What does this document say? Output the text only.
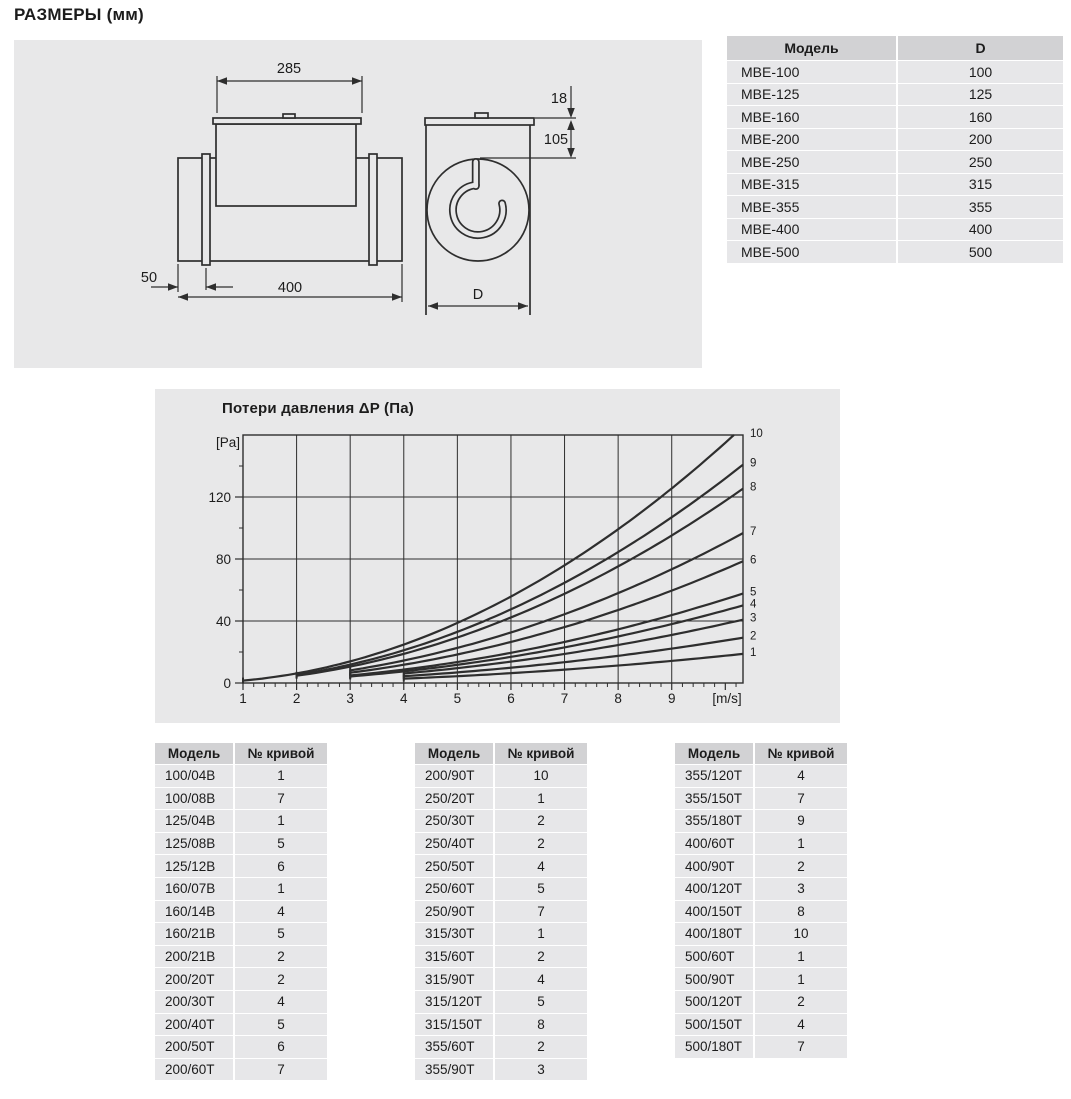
РАЗМЕРЫ (мм)
285
50
400
18
105
D
Модель	D
МВЕ-100	100
МВЕ-125	125
МВЕ-160	160
МВЕ-200	200
МВЕ-250	250
МВЕ-315	315
МВЕ-355	355
МВЕ-400	400
МВЕ-500	500
Потери давления ΔP (Па)
1	2	3	4	5	6	7	8	9	[m/s]
0
40
80
120
[Pa]
1
2
3
4
5
6
7
8
9
10
Модель	№ кривой
100/04В	1
100/08В	7
125/04В	1
125/08В	5
125/12В	6
160/07В	1
160/14В	4
160/21В	5
200/21В	2
200/20Т	2
200/30Т	4
200/40Т	5
200/50Т	6
200/60Т	7
Модель	№ кривой
200/90Т	10
250/20Т	1
250/30Т	2
250/40Т	2
250/50Т	4
250/60Т	5
250/90Т	7
315/30Т	1
315/60Т	2
315/90Т	4
315/120Т	5
315/150Т	8
355/60Т	2
355/90Т	3
Модель	№ кривой
355/120Т	4
355/150Т	7
355/180Т	9
400/60Т	1
400/90Т	2
400/120Т	3
400/150Т	8
400/180Т	10
500/60Т	1
500/90Т	1
500/120Т	2
500/150Т	4
500/180Т	7
